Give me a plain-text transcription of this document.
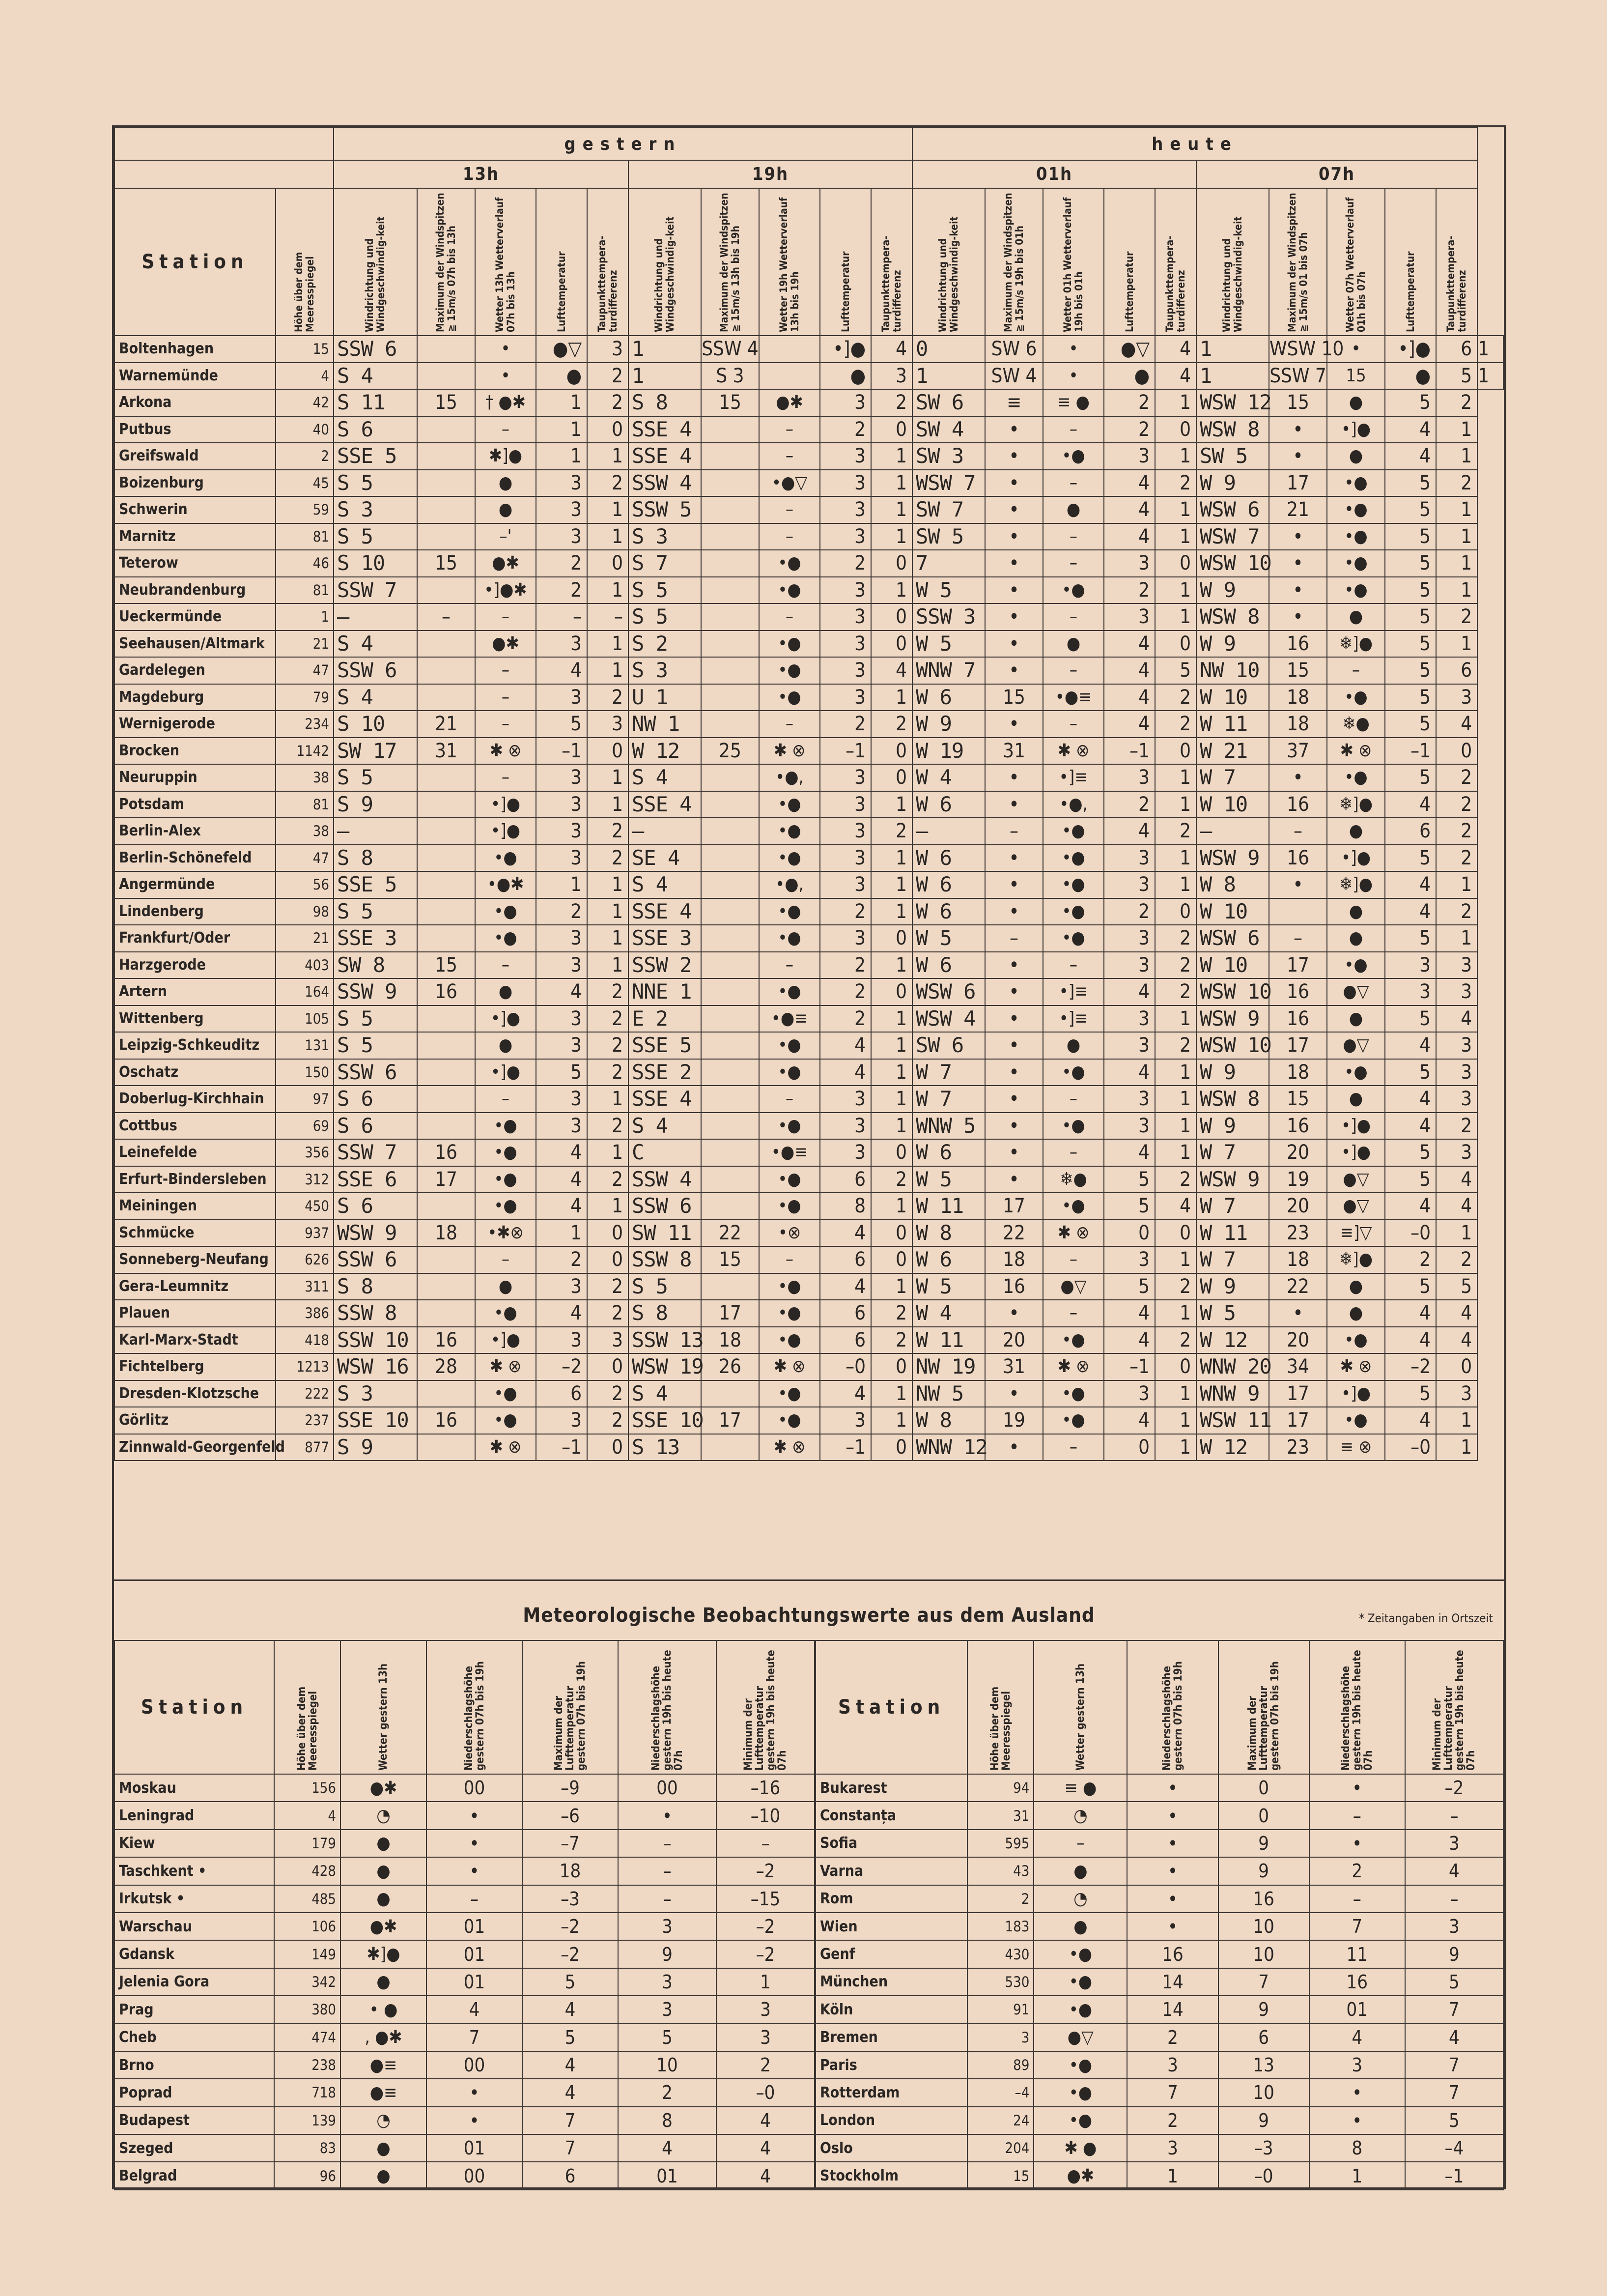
		gestern										heute										
		13h					19h					01h					07h					
Station	Höhe über dem Meeresspiegel	Windrichtung und Windgeschwindig-keit	Maximum der Windspitzen ≧ 15m/s 07h bis 13h	Wetter 13h Wetterverlauf 07h bis 13h	Lufttemperatur	Taupunkttempera-turdifferenz	Windrichtung und Windgeschwindig-keit	Maximum der Windspitzen ≧ 15m/s 13h bis 19h	Wetter 19h Wetterverlauf 13h bis 19h	Lufttemperatur	Taupunkttempera-turdifferenz	Windrichtung und Windgeschwindig-keit	Maximum der Windspitzen ≧ 15m/s 19h bis 01h	Wetter 01h Wetterverlauf 19h bis 01h	Lufttemperatur	Taupunkttempera-turdifferenz	Windrichtung und Windgeschwindig-keit	Maximum der Windspitzen ≧ 15m/s 01 bis 07h	Wetter 07h Wetterverlauf 01h bis 07h	Lufttemperatur	Taupunkttempera-turdifferenz	

Boltenhagen	15	SSW 6		•	●▽	3	1	SSW 4		•]●	4	0	SW 6	•	●▽	4	1	WSW 10	•	•]●	6	1
Warnemünde	4	S 4		•	●	2	1	S 3		●	3	1	SW 4	•	●	4	1	SSW 7	15	●	5	1
Arkona	42	S 11	15	† ●✱	1	2	S 8	15	●✱	3	2	SW 6	≡	≡ ●	2	1	WSW 12	15	●	5	2	
Putbus	40	S 6		–	1	0	SSE 4		–	2	0	SW 4	•	–	2	0	WSW 8	•	•]●	4	1	
Greifswald	2	SSE 5		✱]●	1	1	SSE 4		–	3	1	SW 3	•	•●	3	1	SW 5	•	●	4	1	
Boizenburg	45	S 5		●	3	2	SSW 4		•●▽	3	1	WSW 7	•	–	4	2	W 9	17	•●	5	2	
Schwerin	59	S 3		●	3	1	SSW 5		–	3	1	SW 7	•	●	4	1	WSW 6	21	•●	5	1	
Marnitz	81	S 5		–'	3	1	S 3		–	3	1	SW 5	•	–	4	1	WSW 7	•	•●	5	1	
Teterow	46	S 10	15	●✱	2	0	S 7		•●	2	0	7	•	–	3	0	WSW 10	•	•●	5	1	
Neubrandenburg	81	SSW 7		•]●✱	2	1	S 5		•●	3	1	W 5	•	•●	2	1	W 9	•	•●	5	1	
Ueckermünde	1	–	–	–	–	–	S 5		–	3	0	SSW 3	•	–	3	1	WSW 8	•	●	5	2	
Seehausen/Altmark	21	S 4		●✱	3	1	S 2		•●	3	0	W 5	•	●	4	0	W 9	16	❄]●	5	1	
Gardelegen	47	SSW 6		–	4	1	S 3		•●	3	4	WNW 7	•	–	4	5	NW 10	15	–	5	6	
Magdeburg	79	S 4		–	3	2	U 1		•●	3	1	W 6	15	•●≡	4	2	W 10	18	•●	5	3	
Wernigerode	234	S 10	21	–	5	3	NW 1		–	2	2	W 9	•	–	4	2	W 11	18	❄●	5	4	
Brocken	1142	SW 17	31	✱ ⊗	–1	0	W 12	25	✱ ⊗	–1	0	W 19	31	✱ ⊗	–1	0	W 21	37	✱ ⊗	–1	0	
Neuruppin	38	S 5		–	3	1	S 4		•●,	3	0	W 4	•	•]≡	3	1	W 7	•	•●	5	2	
Potsdam	81	S 9		•]●	3	1	SSE 4		•●	3	1	W 6	•	•●,	2	1	W 10	16	❄]●	4	2	
Berlin-Alex	38	–		•]●	3	2	–		•●	3	2	–	–	•●	4	2	–	–	●	6	2	
Berlin-Schönefeld	47	S 8		•●	3	2	SE 4		•●	3	1	W 6	•	•●	3	1	WSW 9	16	•]●	5	2	
Angermünde	56	SSE 5		•●✱	1	1	S 4		•●,	3	1	W 6	•	•●	3	1	W 8	•	❄]●	4	1	
Lindenberg	98	S 5		•●	2	1	SSE 4		•●	2	1	W 6	•	•●	2	0	W 10		●	4	2	
Frankfurt/Oder	21	SSE 3		•●	3	1	SSE 3		•●	3	0	W 5	–	•●	3	2	WSW 6	–	●	5	1	
Harzgerode	403	SW 8	15	–	3	1	SSW 2		–	2	1	W 6	•	–	3	2	W 10	17	•●	3	3	
Artern	164	SSW 9	16	●	4	2	NNE 1		•●	2	0	WSW 6	•	•]≡	4	2	WSW 10	16	●▽	3	3	
Wittenberg	105	S 5		•]●	3	2	E 2		•●≡	2	1	WSW 4	•	•]≡	3	1	WSW 9	16	●	5	4	
Leipzig-Schkeuditz	131	S 5		●	3	2	SSE 5		•●	4	1	SW 6	•	●	3	2	WSW 10	17	●▽	4	3	
Oschatz	150	SSW 6		•]●	5	2	SSE 2		•●	4	1	W 7	•	•●	4	1	W 9	18	•●	5	3	
Doberlug-Kirchhain	97	S 6		–	3	1	SSE 4		–	3	1	W 7	•	–	3	1	WSW 8	15	●	4	3	
Cottbus	69	S 6		•●	3	2	S 4		•●	3	1	WNW 5	•	•●	3	1	W 9	16	•]●	4	2	
Leinefelde	356	SSW 7	16	•●	4	1	C		•●≡	3	0	W 6	•	–	4	1	W 7	20	•]●	5	3	
Erfurt-Bindersleben	312	SSE 6	17	•●	4	2	SSW 4		•●	6	2	W 5	•	❄●	5	2	WSW 9	19	●▽	5	4	
Meiningen	450	S 6		•●	4	1	SSW 6		•●	8	1	W 11	17	•●	5	4	W 7	20	●▽	4	4	
Schmücke	937	WSW 9	18	•✱⊗	1	0	SW 11	22	•⊗	4	0	W 8	22	✱ ⊗	0	0	W 11	23	≡]▽	–0	1	
Sonneberg-Neufang	626	SSW 6		–	2	0	SSW 8	15	–	6	0	W 6	18	–	3	1	W 7	18	❄]●	2	2	
Gera-Leumnitz	311	S 8		●	3	2	S 5		•●	4	1	W 5	16	●▽	5	2	W 9	22	●	5	5	
Plauen	386	SSW 8		•●	4	2	S 8	17	•●	6	2	W 4	•	–	4	1	W 5	•	●	4	4	
Karl-Marx-Stadt	418	SSW 10	16	•]●	3	3	SSW 13	18	•●	6	2	W 11	20	•●	4	2	W 12	20	•●	4	4	
Fichtelberg	1213	WSW 16	28	✱ ⊗	–2	0	WSW 19	26	✱ ⊗	–0	0	NW 19	31	✱ ⊗	–1	0	WNW 20	34	✱ ⊗	–2	0	
Dresden-Klotzsche	222	S 3		•●	6	2	S 4		•●	4	1	NW 5	•	•●	3	1	WNW 9	17	•]●	5	3	
Görlitz	237	SSE 10	16	•●	3	2	SSE 10	17	•●	3	1	W 8	19	•●	4	1	WSW 11	17	•●	4	1	
Zinnwald-Georgenfeld	877	S 9		✱ ⊗	–1	0	S 13		✱ ⊗	–1	0	WNW 12	•	–	0	1	W 12	23	≡ ⊗	–0	1	
Meteorologische Beobachtungswerte aus dem Ausland	* Zeitangaben in Ortszeit
Station	Höhe über dem Meeresspiegel	Wetter gestern 13h	Niederschlagshöhe gestern 07h bis 19h	Maximum der Lufttemperatur gestern 07h bis 19h	Niederschlagshöhe gestern 19h bis heute 07h	Minimum der Lufttemperatur gestern 19h bis heute 07h

Moskau	156	●✱	00	–9	00	–16
Leningrad	4	◔	•	–6	•	–10
Kiew	179	●	•	–7	–	–
Taschkent •	428	●	•	18	–	–2
Irkutsk •	485	●	–	–3	–	–15
Warschau	106	●✱	01	–2	3	–2
Gdansk	149	✱]●	01	–2	9	–2
Jelenia Gora	342	●	01	5	3	1
Prag	380	• ●	4	4	3	3
Cheb	474	, ●✱	7	5	5	3
Brno	238	●≡	00	4	10	2
Poprad	718	●≡	•	4	2	–0
Budapest	139	◔	•	7	8	4
Szeged	83	●	01	7	4	4
Belgrad	96	●	00	6	01	4
Station	Höhe über dem Meeresspiegel	Wetter gestern 13h	Niederschlagshöhe gestern 07h bis 19h	Maximum der Lufttemperatur gestern 07h bis 19h	Niederschlagshöhe gestern 19h bis heute 07h	Minimum der Lufttemperatur gestern 19h bis heute 07h

Bukarest	94	≡ ●	•	0	•	–2
Constanța	31	◔	•	0	–	–
Sofia	595	–	•	9	•	3
Varna	43	●	•	9	2	4
Rom	2	◔	•	16	–	–
Wien	183	●	•	10	7	3
Genf	430	•●	16	10	11	9
München	530	•●	14	7	16	5
Köln	91	•●	14	9	01	7
Bremen	3	●▽	2	6	4	4
Paris	89	•●	3	13	3	7
Rotterdam	–4	•●	7	10	•	7
London	24	•●	2	9	•	5
Oslo	204	✱ ●	3	–3	8	–4
Stockholm	15	●✱	1	–0	1	–1
